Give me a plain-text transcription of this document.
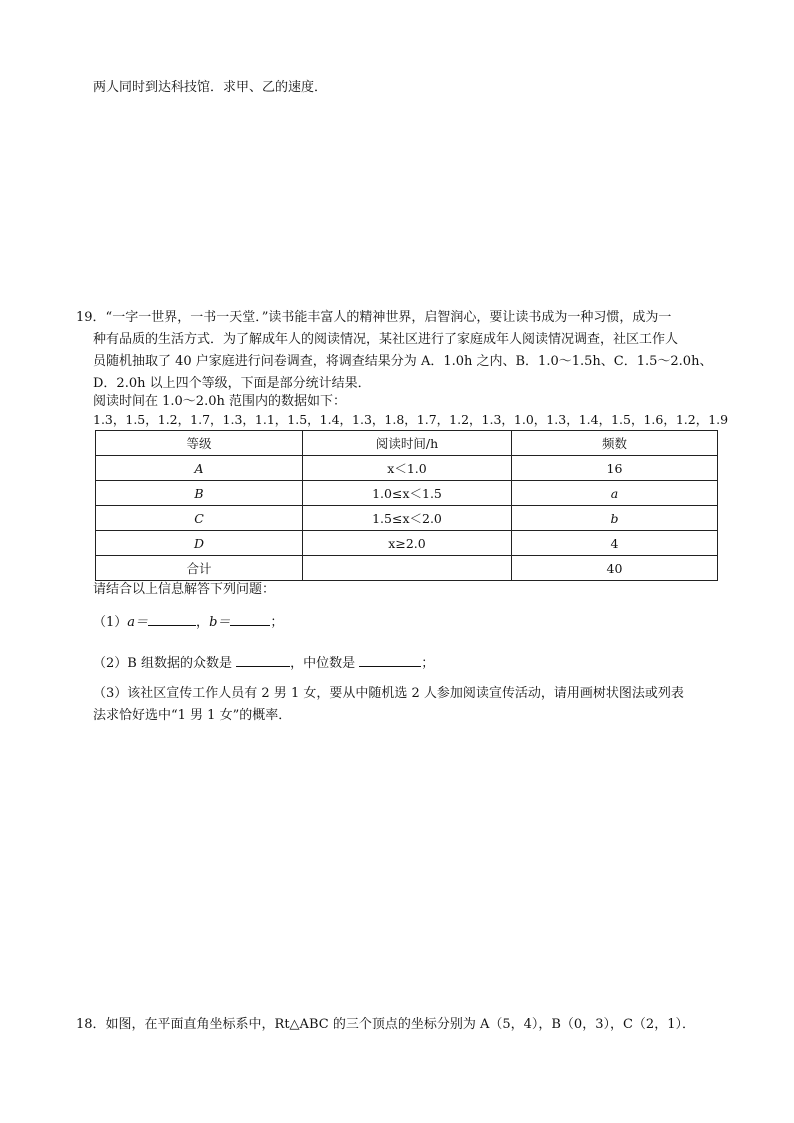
两人同时到达科技馆．求甲、乙的速度．
19．“一字一世界，一书一天堂．”读书能丰富人的精神世界，启智润心，要让读书成为一种习惯，成为一
种有品质的生活方式．为了解成年人的阅读情况，某社区进行了家庭成年人阅读情况调查，社区工作人
员随机抽取了 40 户家庭进行问卷调查，将调查结果分为 A．1.0h 之内、B．1.0～1.5h、C．1.5～2.0h、
D．2.0h 以上四个等级，下面是部分统计结果．
阅读时间在 1.0～2.0h 范围内的数据如下：
1.3，1.5，1.2，1.7，1.3，1.1，1.5，1.4，1.3，1.8，1.7，1.2，1.3，1.0，1.3，1.4，1.5，1.6，1.2，1.9
等级	阅读时间/h	频数
A	x＜1.0	16
B	1.0≤x＜1.5	a
C	1.5≤x＜2.0	b
D	x≥2.0	4
合计		40
请结合以上信息解答下列问题：
（1）a＝	，b＝	；
（2）B 组数据的众数是	，中位数是	；
（3）该社区宣传工作人员有 2 男 1 女，要从中随机选 2 人参加阅读宣传活动，请用画树状图法或列表
法求恰好选中“1 男 1 女”的概率．
18．如图，在平面直角坐标系中，Rt△ABC 的三个顶点的坐标分别为 A（5，4），B（0，3），C（2，1）．
